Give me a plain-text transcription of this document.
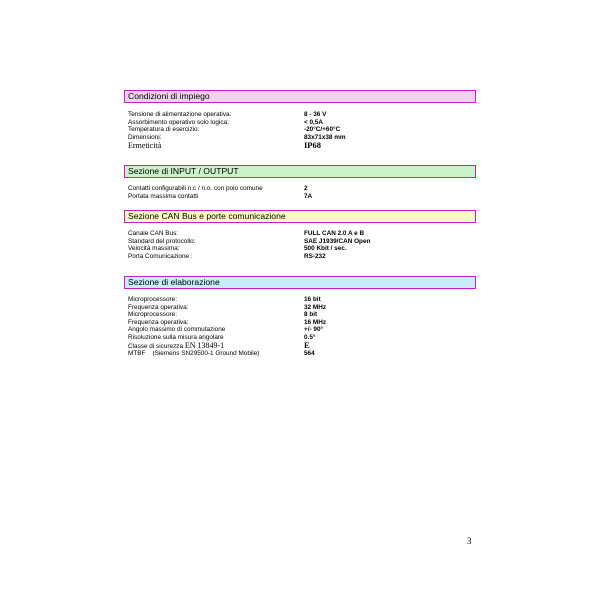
Condizioni di impiego
Tensione di alimentazione operativa:	8 - 36 V
Assorbimento operativo solo logica:	< 0,5A
Temperatura di esercizio:	-20°C/+60°C
Dimensioni:	83x71x38 mm
Ermeticità	IP68
Sezione di INPUT / OUTPUT
Contatti configurabili n.c / n.o. con polo comune	2
Portata massima contatti	7A
Sezione CAN Bus e porte comunicazione
Canale CAN Bus:	FULL CAN 2.0 A e B
Standard del protocollo:	SAE J1939/CAN Open
Velocità massima:	500 Kbit / sec.
Porta Comunicazione :	RS-232
Sezione di elaborazione
Microprocessore:	16 bit
Frequenza operativa:	32 MHz
Microprocessore:	8 bit
Frequenza operativa:	16 MHz
Angolo massimo di commutazione	+/- 90°
Risoluzione sulla misura angolare	0.5°
Classe di sicurezza EN 13849-1	E
MTBF    (Siemens SN29500-1 Ground Mobile)	564
3
